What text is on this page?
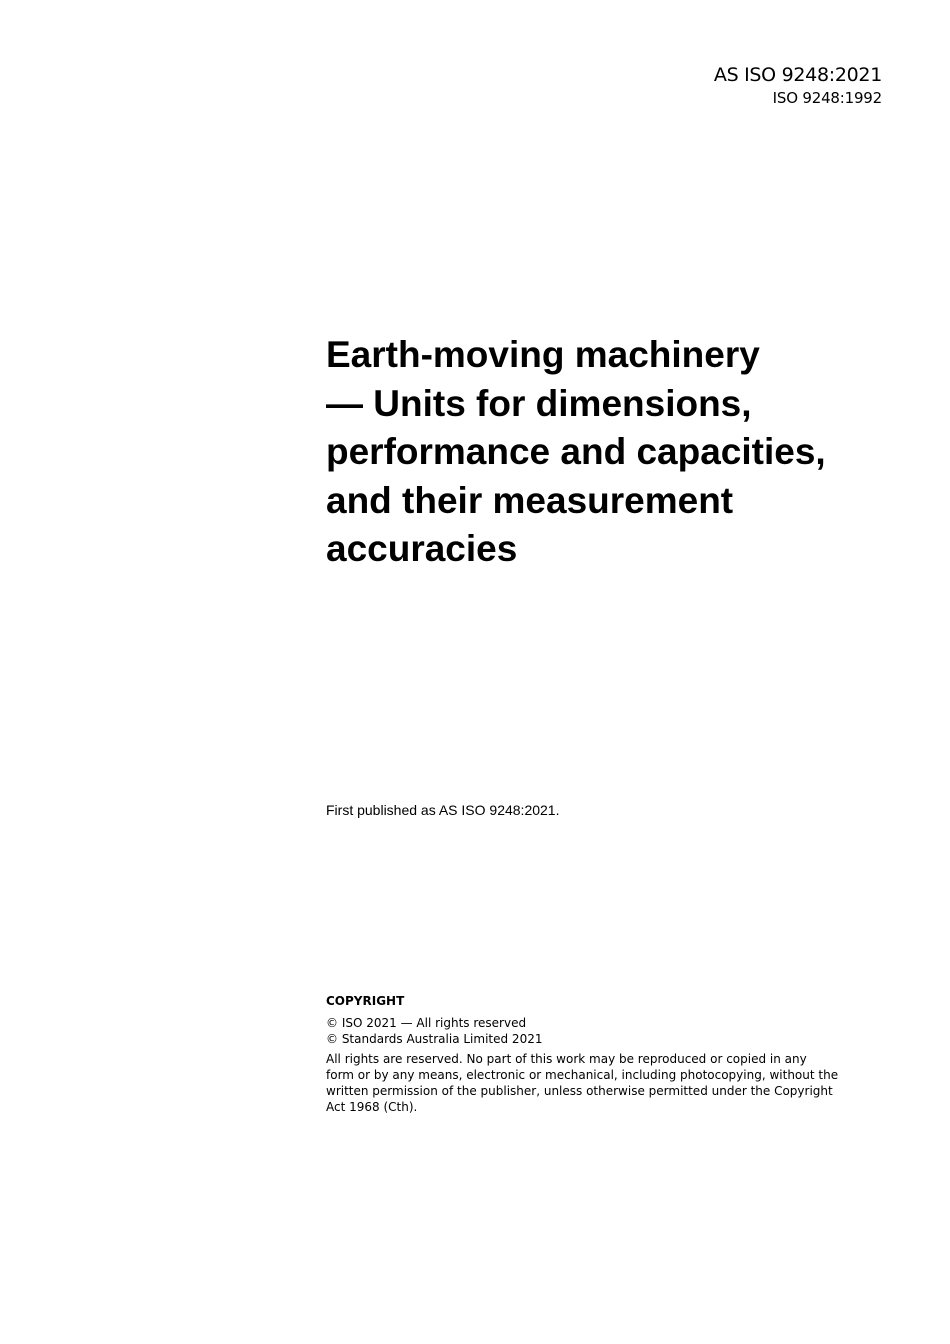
AS ISO 9248:2021
ISO 9248:1992
Earth-moving machinery
— Units for dimensions,
performance and capacities,
and their measurement
accuracies
First published as AS ISO 9248:2021.
COPYRIGHT
© ISO 2021 — All rights reserved
© Standards Australia Limited 2021
All rights are reserved. No part of this work may be reproduced or copied in any
form or by any means, electronic or mechanical, including photocopying, without the
written permission of the publisher, unless otherwise permitted under the Copyright
Act 1968 (Cth).
